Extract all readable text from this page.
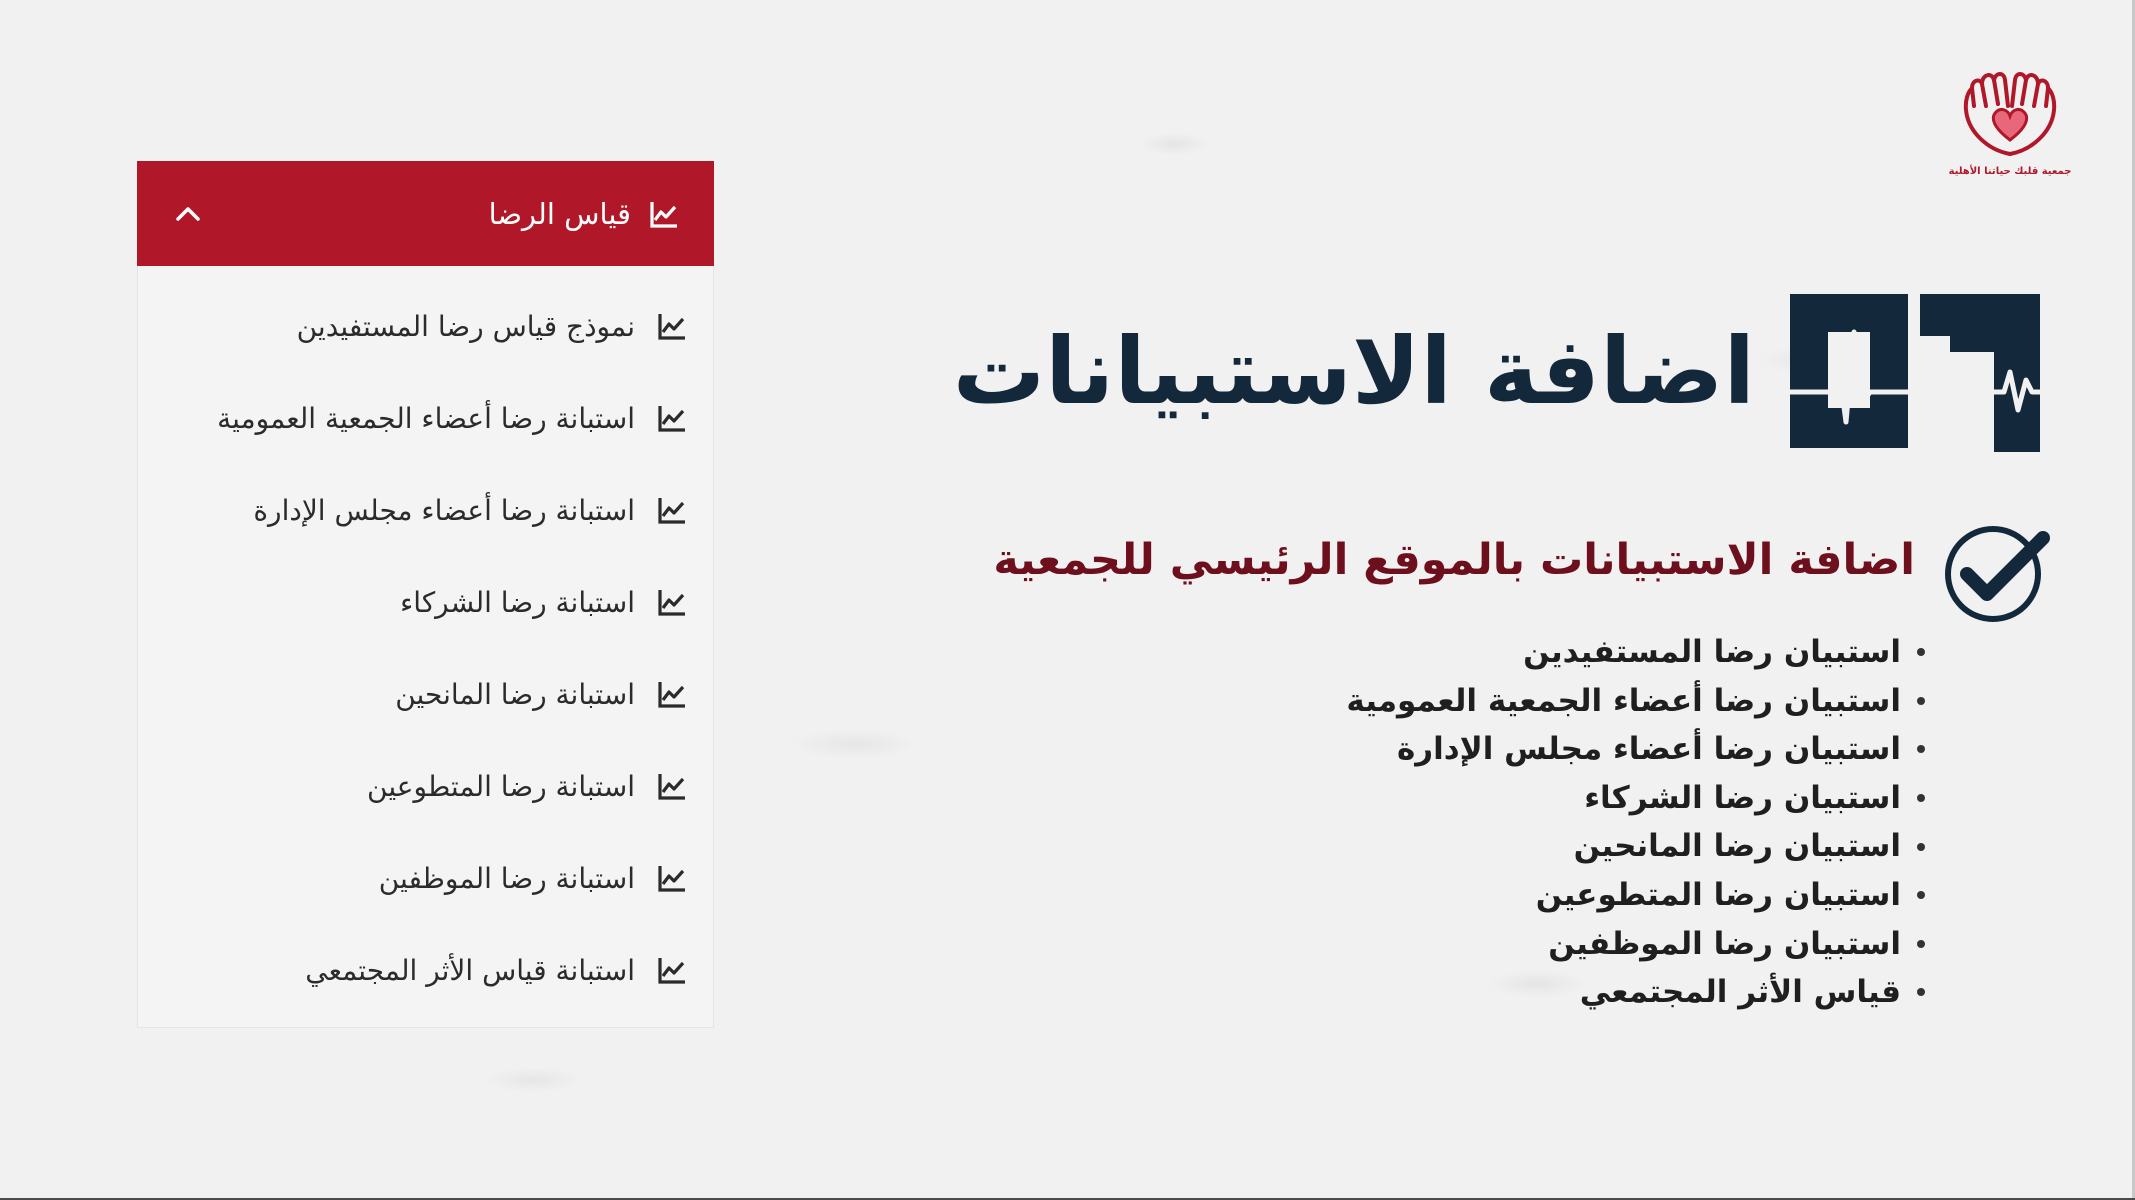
قياس الرضا
نموذج قياس رضا المستفيدين
استبانة رضا أعضاء الجمعية العمومية
استبانة رضا أعضاء مجلس الإدارة
استبانة رضا الشركاء
استبانة رضا المانحين
استبانة رضا المتطوعين
استبانة رضا الموظفين
استبانة قياس الأثر المجتمعي
جمعية قلبك حياتنا الأهلية
اضافة الاستبيانات
اضافة الاستبيانات بالموقع الرئيسي للجمعية
استبيان رضا المستفيدين
استبيان رضا أعضاء الجمعية العمومية
استبيان رضا أعضاء مجلس الإدارة
استبيان رضا الشركاء
استبيان رضا المانحين
استبيان رضا المتطوعين
استبيان رضا الموظفين
قياس الأثر المجتمعي
